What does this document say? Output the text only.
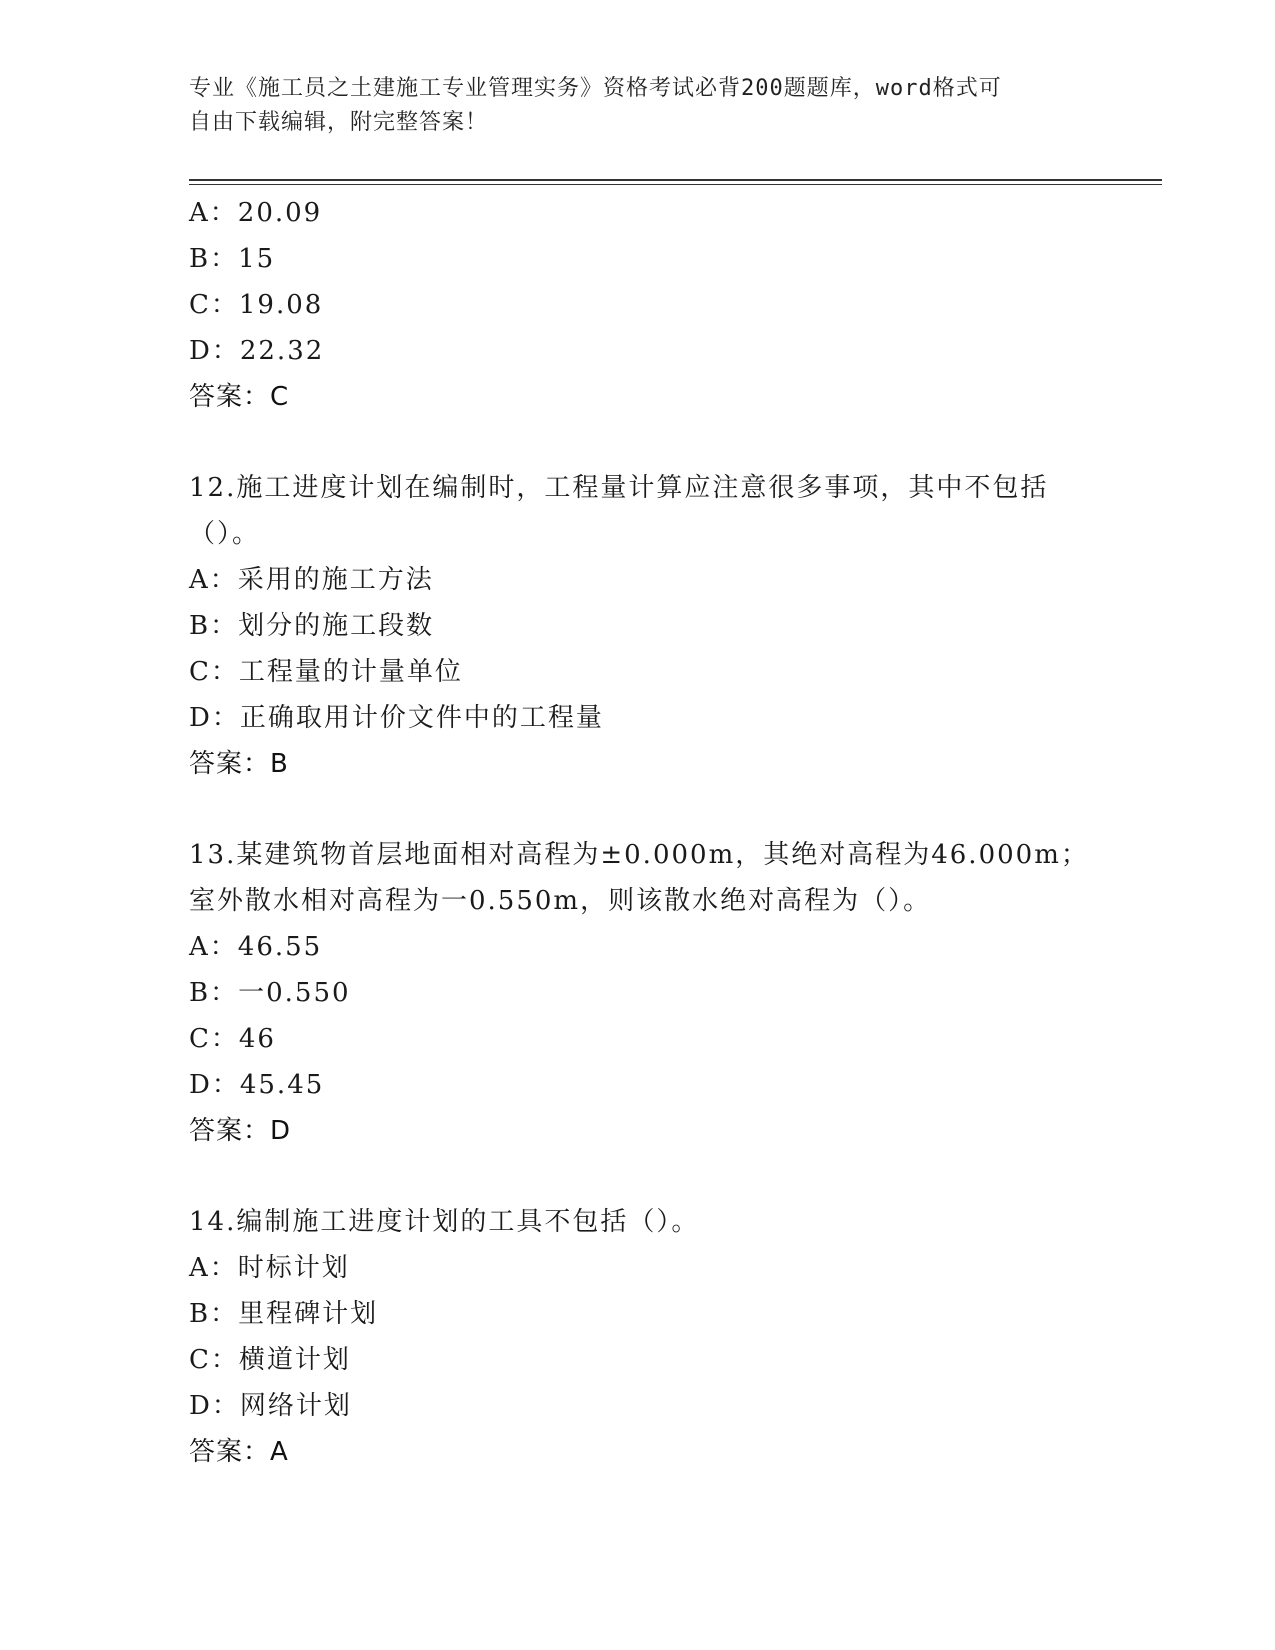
专业《施工员之土建施工专业管理实务》资格考试必背200题题库，word格式可
自由下载编辑，附完整答案！
A：20.09
B：15
C：19.08
D：22.32
答案：C
12.施工进度计划在编制时，工程量计算应注意很多事项，其中不包括
（）。
A：采用的施工方法
B：划分的施工段数
C：工程量的计量单位
D：正确取用计价文件中的工程量
答案：B
13.某建筑物首层地面相对高程为±0.000m，其绝对高程为46.000m；
室外散水相对高程为一0.550m，则该散水绝对高程为（）。
A：46.55
B：一0.550
C：46
D：45.45
答案：D
14.编制施工进度计划的工具不包括（）。
A：时标计划
B：里程碑计划
C：横道计划
D：网络计划
答案：A
